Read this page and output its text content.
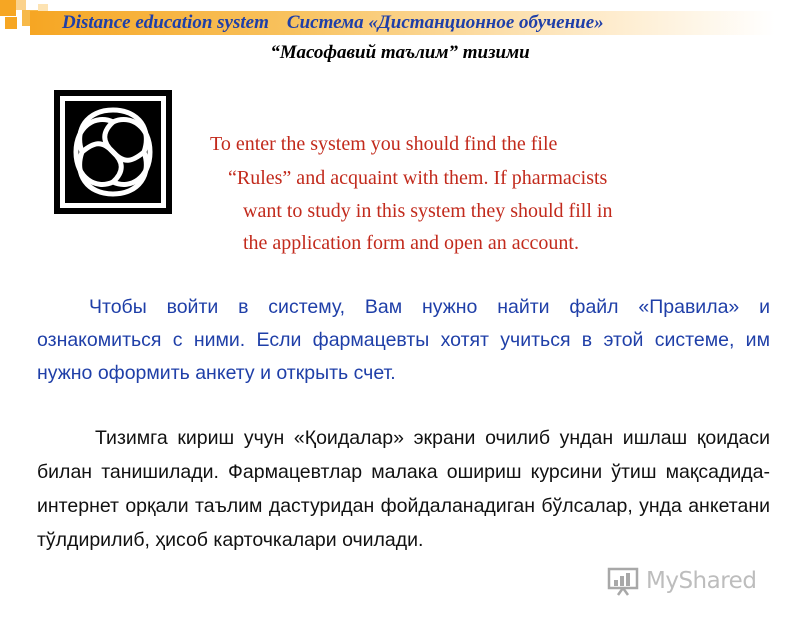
Distance education system Система «Дистанционное обучение»
“Масофавий таълим” тизими
To enter the system you should find the file
“Rules” and acquaint with them. If pharmacists
want to study in this system they should fill in
the application form and open an account.

Чтобы войти в систему, Вам нужно найти файл «Правила» и ознакомиться с ними. Если фармацевты хотят учиться в этой системе, им нужно оформить анкету и открыть счет.

Тизимга кириш учун «Қоидалар» экрани очилиб ундан ишлаш қоидаси билан танишилади. Фармацевтлар малака ошириш курсини ўтиш мақсадида-интернет орқали таълим дастуридан фойдаланадиган бўлсалар, унда анкетани тўлдирилиб, ҳисоб карточкалари очилади.

MyShared
